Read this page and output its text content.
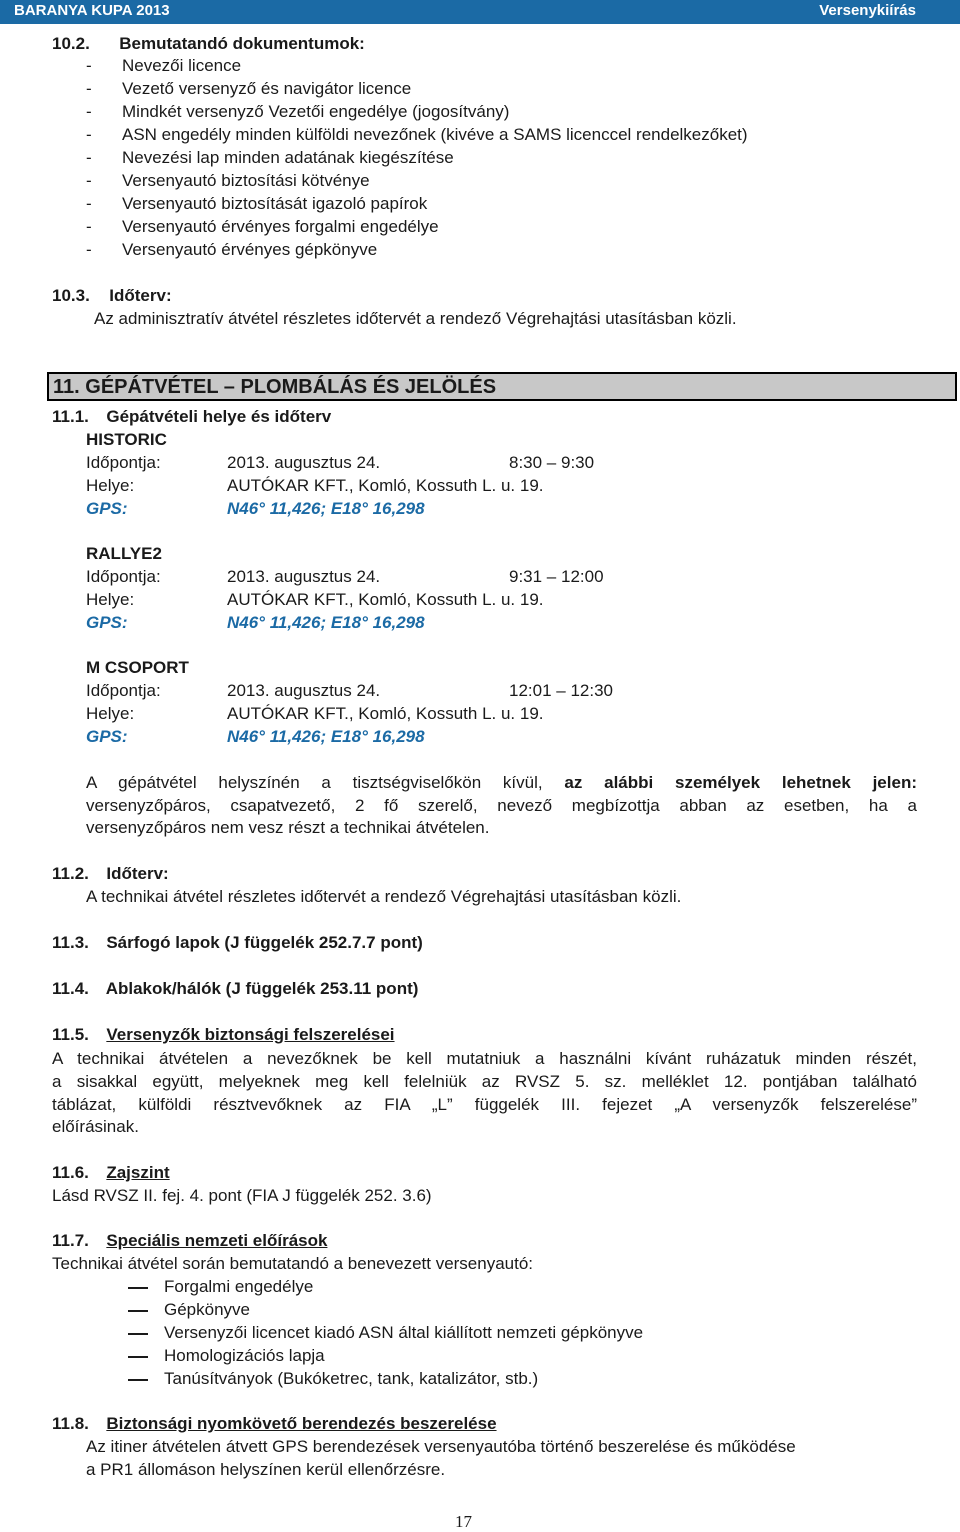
BARANYA KUPA 2013	Versenykiírás
10.2. Bemutatandó dokumentumok:
- Nevezői licence
- Vezető versenyző és navigátor licence
- Mindkét versenyző Vezetői engedélye (jogosítvány)
- ASN engedély minden külföldi nevezőnek (kivéve a SAMS licenccel rendelkezőket)
- Nevezési lap minden adatának kiegészítése
- Versenyautó biztosítási kötvénye
- Versenyautó biztosítását igazoló papírok
- Versenyautó érvényes forgalmi engedélye
- Versenyautó érvényes gépkönyve
10.3. Időterv:
Az adminisztratív átvétel részletes időtervét a rendező Végrehajtási utasításban közli.
11. GÉPÁTVÉTEL – PLOMBÁLÁS ÉS JELÖLÉS
11.1. Gépátvételi helye és időterv
HISTORIC
Időpontja:	2013. augusztus 24.	8:30 – 9:30
Helye:	AUTÓKAR KFT., Komló, Kossuth L. u. 19.
GPS:	N46° 11,426; E18° 16,298
RALLYE2
Időpontja:	2013. augusztus 24.	9:31 – 12:00
Helye:	AUTÓKAR KFT., Komló, Kossuth L. u. 19.
GPS:	N46° 11,426; E18° 16,298
M CSOPORT
Időpontja:	2013. augusztus 24.	12:01 – 12:30
Helye:	AUTÓKAR KFT., Komló, Kossuth L. u. 19.
GPS:	N46° 11,426; E18° 16,298
A gépátvétel helyszínén a tisztségviselőkön kívül, az alábbi személyek lehetnek jelen:
versenyzőpáros, csapatvezető, 2 fő szerelő, nevező megbízottja abban az esetben, ha a
versenyzőpáros nem vesz részt a technikai átvételen.
11.2. Időterv:
A technikai átvétel részletes időtervét a rendező Végrehajtási utasításban közli.
11.3. Sárfogó lapok (J függelék 252.7.7 pont)
11.4. Ablakok/hálók (J függelék 253.11 pont)
11.5. Versenyzők biztonsági felszerelései
A technikai átvételen a nevezőknek be kell mutatniuk a használni kívánt ruházatuk minden részét,
a sisakkal együtt, melyeknek meg kell felelniük az RVSZ 5. sz. melléklet 12. pontjában található
táblázat, külföldi résztvevőknek az FIA „L” függelék III. fejezet „A versenyzők felszerelése”
előírásinak.
11.6. Zajszint
Lásd RVSZ II. fej. 4. pont (FIA J függelék 252. 3.6)
11.7. Speciális nemzeti előírások
Technikai átvétel során bemutatandó a benevezett versenyautó:
Forgalmi engedélye
Gépkönyve
Versenyzői licencet kiadó ASN által kiállított nemzeti gépkönyve
Homologizációs lapja
Tanúsítványok (Bukóketrec, tank, katalizátor, stb.)
11.8. Biztonsági nyomkövető berendezés beszerelése
Az itiner átvételen átvett GPS berendezések versenyautóba történő beszerelése és működése
a PR1 állomáson helyszínen kerül ellenőrzésre.
17
